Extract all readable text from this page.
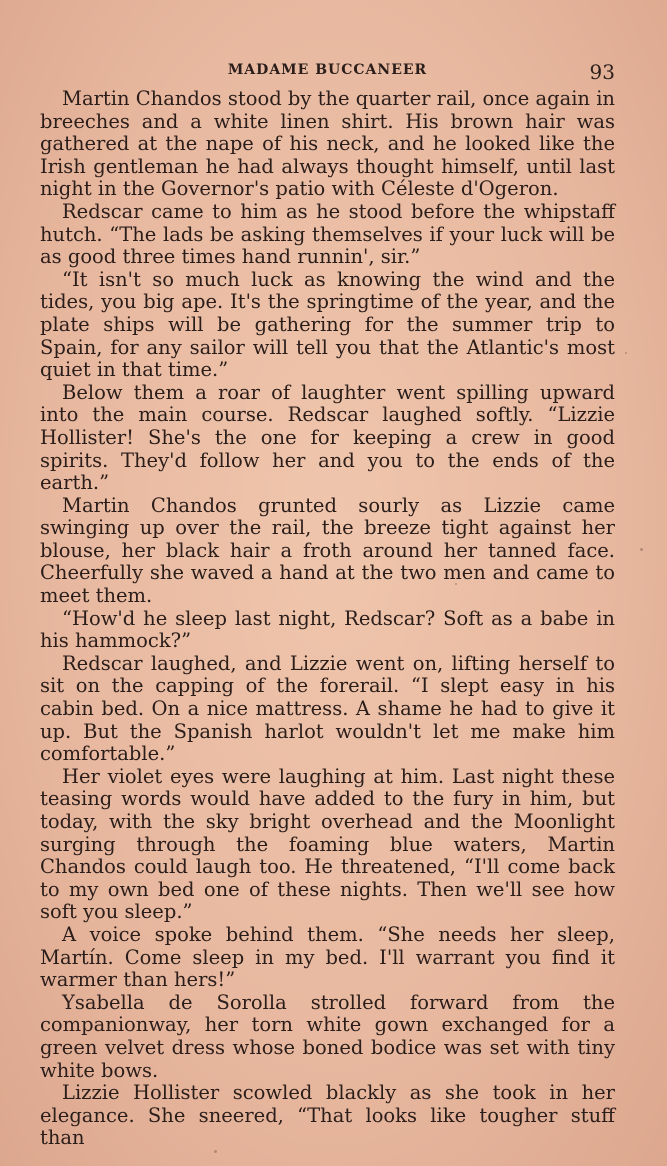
MADAME BUCCANEER	93

Martin Chandos stood by the quarter rail, once again in breeches and a white linen shirt. His brown hair was gathered at the nape of his neck, and he looked like the Irish gentleman he had always thought himself, until last night in the Governor's patio with Céleste d'Ogeron.

Redscar came to him as he stood before the whipstaff hutch. “The lads be asking themselves if your luck will be as good three times hand runnin', sir.”

“It isn't so much luck as knowing the wind and the tides, you big ape. It's the springtime of the year, and the plate ships will be gathering for the summer trip to Spain, for any sailor will tell you that the Atlantic's most quiet in that time.”

Below them a roar of laughter went spilling upward into the main course. Redscar laughed softly. “Lizzie Hollister! She's the one for keeping a crew in good spirits. They'd follow her and you to the ends of the earth.”

Martin Chandos grunted sourly as Lizzie came swinging up over the rail, the breeze tight against her blouse, her black hair a froth around her tanned face. Cheerfully she waved a hand at the two men and came to meet them.

“How'd he sleep last night, Redscar? Soft as a babe in his hammock?”

Redscar laughed, and Lizzie went on, lifting herself to sit on the capping of the forerail. “I slept easy in his cabin bed. On a nice mattress. A shame he had to give it up. But the Spanish harlot wouldn't let me make him comfortable.”

Her violet eyes were laughing at him. Last night these teasing words would have added to the fury in him, but today, with the sky bright overhead and the Moonlight surging through the foaming blue waters, Martin Chandos could laugh too. He threatened, “I'll come back to my own bed one of these nights. Then we'll see how soft you sleep.”

A voice spoke behind them. “She needs her sleep, Martín. Come sleep in my bed. I'll warrant you find it warmer than hers!”

Ysabella de Sorolla strolled forward from the companionway, her torn white gown exchanged for a green velvet dress whose boned bodice was set with tiny white bows.

Lizzie Hollister scowled blackly as she took in her elegance. She sneered, “That looks like tougher stuff than
